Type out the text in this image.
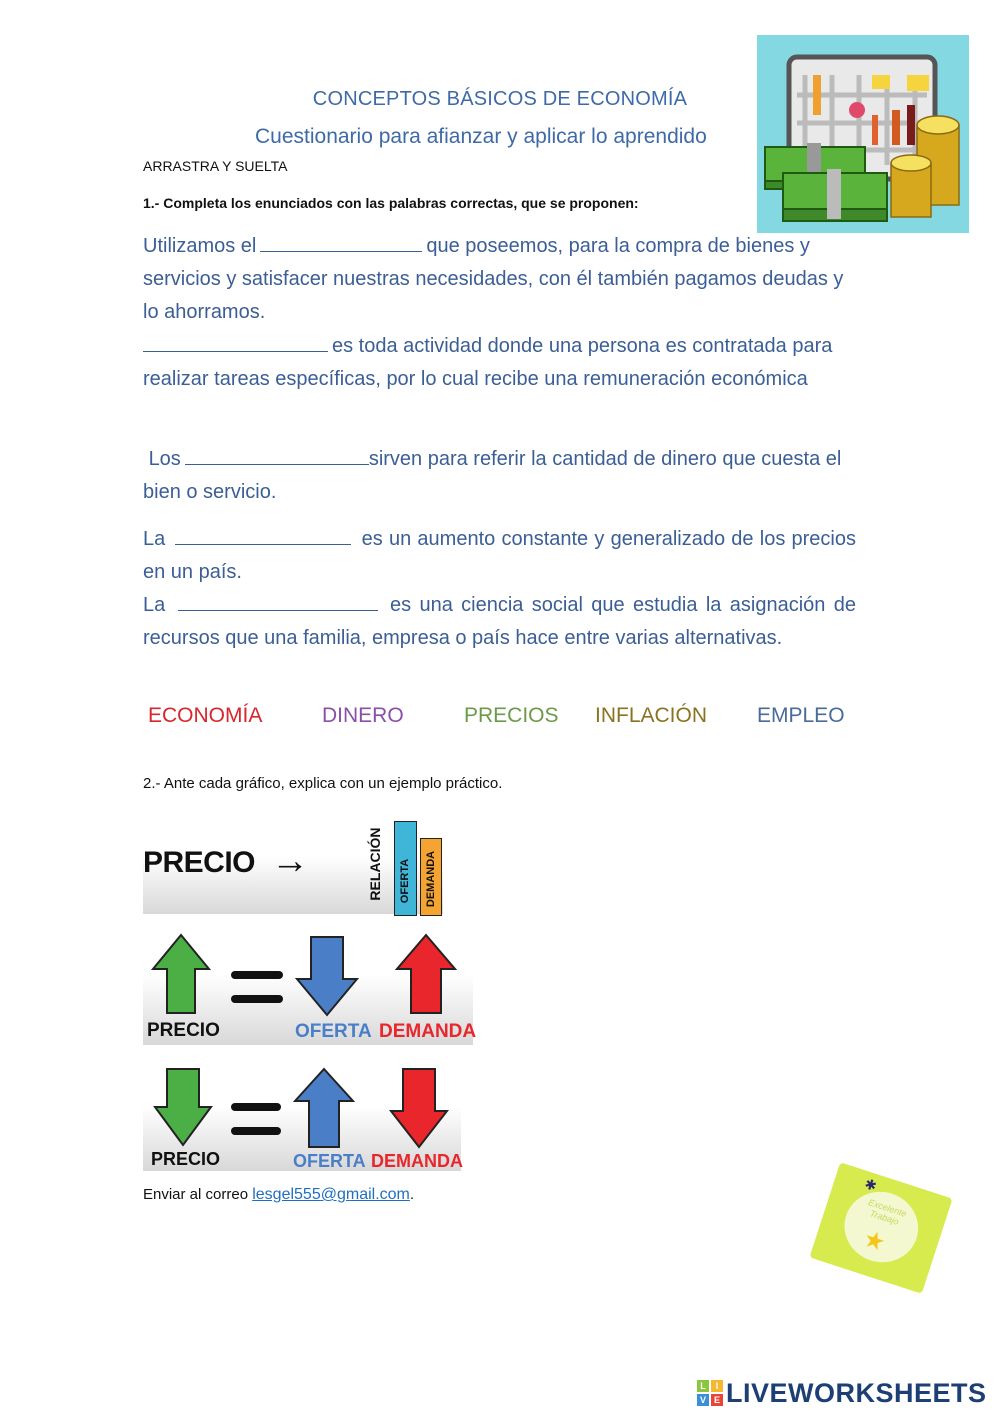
CONCEPTOS BÁSICOS DE ECONOMÍA
Cuestionario para afianzar y aplicar lo aprendido
ARRASTRA Y SUELTA
1.- Completa los enunciados con las palabras correctas, que se proponen:
Utilizamos el	que poseemos, para la compra de bienes y servicios y satisfacer nuestras necesidades, con él también pagamos deudas y lo ahorramos.
es toda actividad donde una persona es contratada para realizar tareas específicas, por lo cual recibe una remuneración económica
Los	sirven para referir la cantidad de dinero que cuesta el bien o servicio.
La	es un aumento constante y generalizado de los precios en un país.
La	es una ciencia social que estudia la asignación de recursos que una familia, empresa o país hace entre varias alternativas.
ECONOMÍA	DINERO	PRECIOS INFLACIÓN EMPLEO
2.- Ante cada gráfico, explica con un ejemplo práctico.
PRECIO →	RELACIÓN OFERTA DEMANDA
PRECIO	OFERTA DEMANDA
PRECIO	OFERTA DEMANDA
Enviar al correo lesgel555@gmail.com.
Excelente Trabajo
★
✱
L	I
V E LIVEWORKSHEETS
